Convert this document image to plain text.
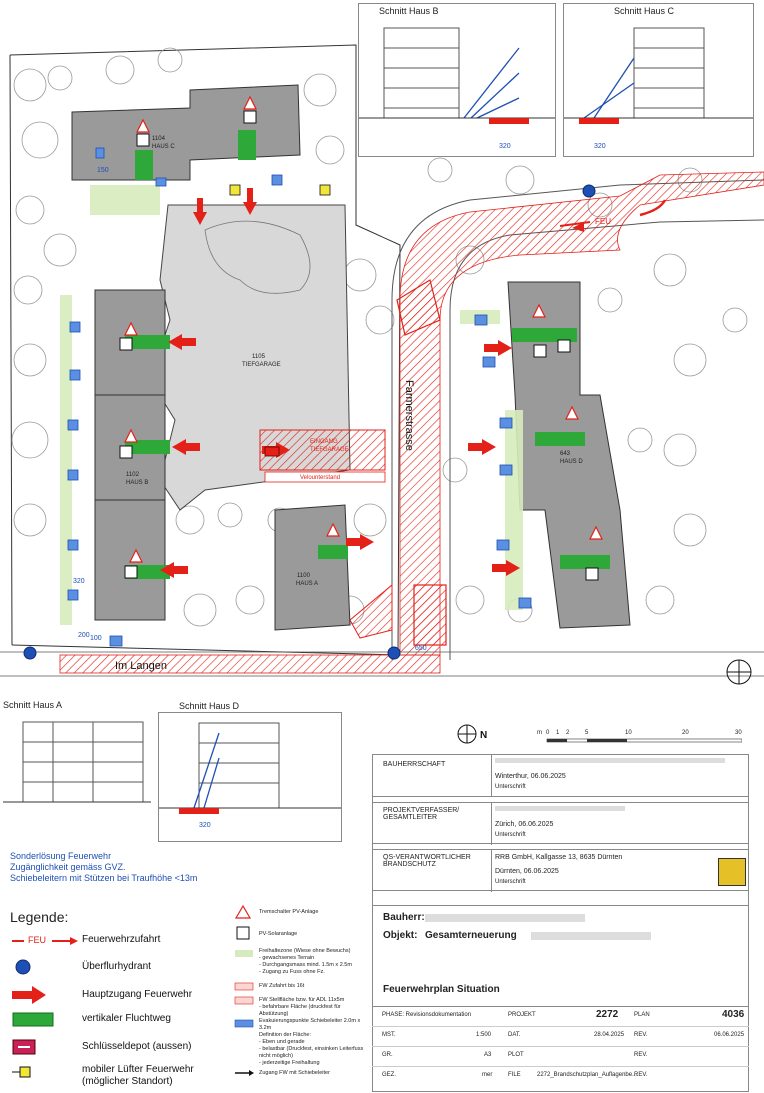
1104
HAUS C
1105
TIEFGARAGE
EINGANG
TIEFGARAGE
Velounterstand
1102
HAUS B
1100
HAUS A
643
HAUS D
Farmerstrasse
Im Langen
FEU
320
200 100
650
150
Schnitt Haus B
320
Schnitt Haus C
320
Schnitt Haus A	Schnitt Haus D
320
N	m 0 1 2	5	10	20	30
Sonderlösung Feuerwehr
Zugänglichkeit gemäss GVZ.
Schiebeleitern mit Stützen bei Traufhöhe <13m
Legende:
FEU	Feuerwehrzufahrt
Überflurhydrant
Hauptzugang Feuerwehr
vertikaler Fluchtweg
Schlüsseldepot (aussen)
mobiler Lüfter Feuerwehr
(möglicher Standort)
Tremschalter PV-Anlage
PV-Solaranlage
Freihaltezone (Wiese ohne Bewuchs)
- gewachsenes Terrain
- Durchgangsmass mind. 1.5m x 2.5m
- Zugang zu Fuss ohne Fz.
FW Zufahrt bis 16t
FW Stellfläche bzw. für ADL 11x5m
- befahrbare Fläche (druckfest für Abstützung)
Evakuierungspunkte Schiebeleiter 2.0m x 3.2m
Definition der Fläche:
- Eben und gerade
- belastbar (Druckfest, einsinken Leiterfuss
nicht möglich)
- jederzeitige Freihaltung
Zugang FW mit Schiebeleiter
BAUHERRSCHAFT
Winterthur, 06.06.2025
Unterschrift
PROJEKTVERFASSER/ GESAMTLEITER
Zürich, 06.06.2025
Unterschrift
QS-VERANTWORTLICHER BRANDSCHUTZ
RRB GmbH, Kallgasse 13, 8635 Dürnten
Dürnten, 06.06.2025
Unterschrift
Bauherr:
Objekt: Gesamterneuerung
Feuerwehrplan Situation
PHASE: Revisionsdokumentation	PROJEKT	2272	PLAN	4036
MST.	1:500	DAT.	28.04.2025 REV.	06.06.2025
GR.	A3	PLOT	REV.
GEZ.	mer	FILE	2272_Brandschutzplan_Auflagenbe...
REV.
